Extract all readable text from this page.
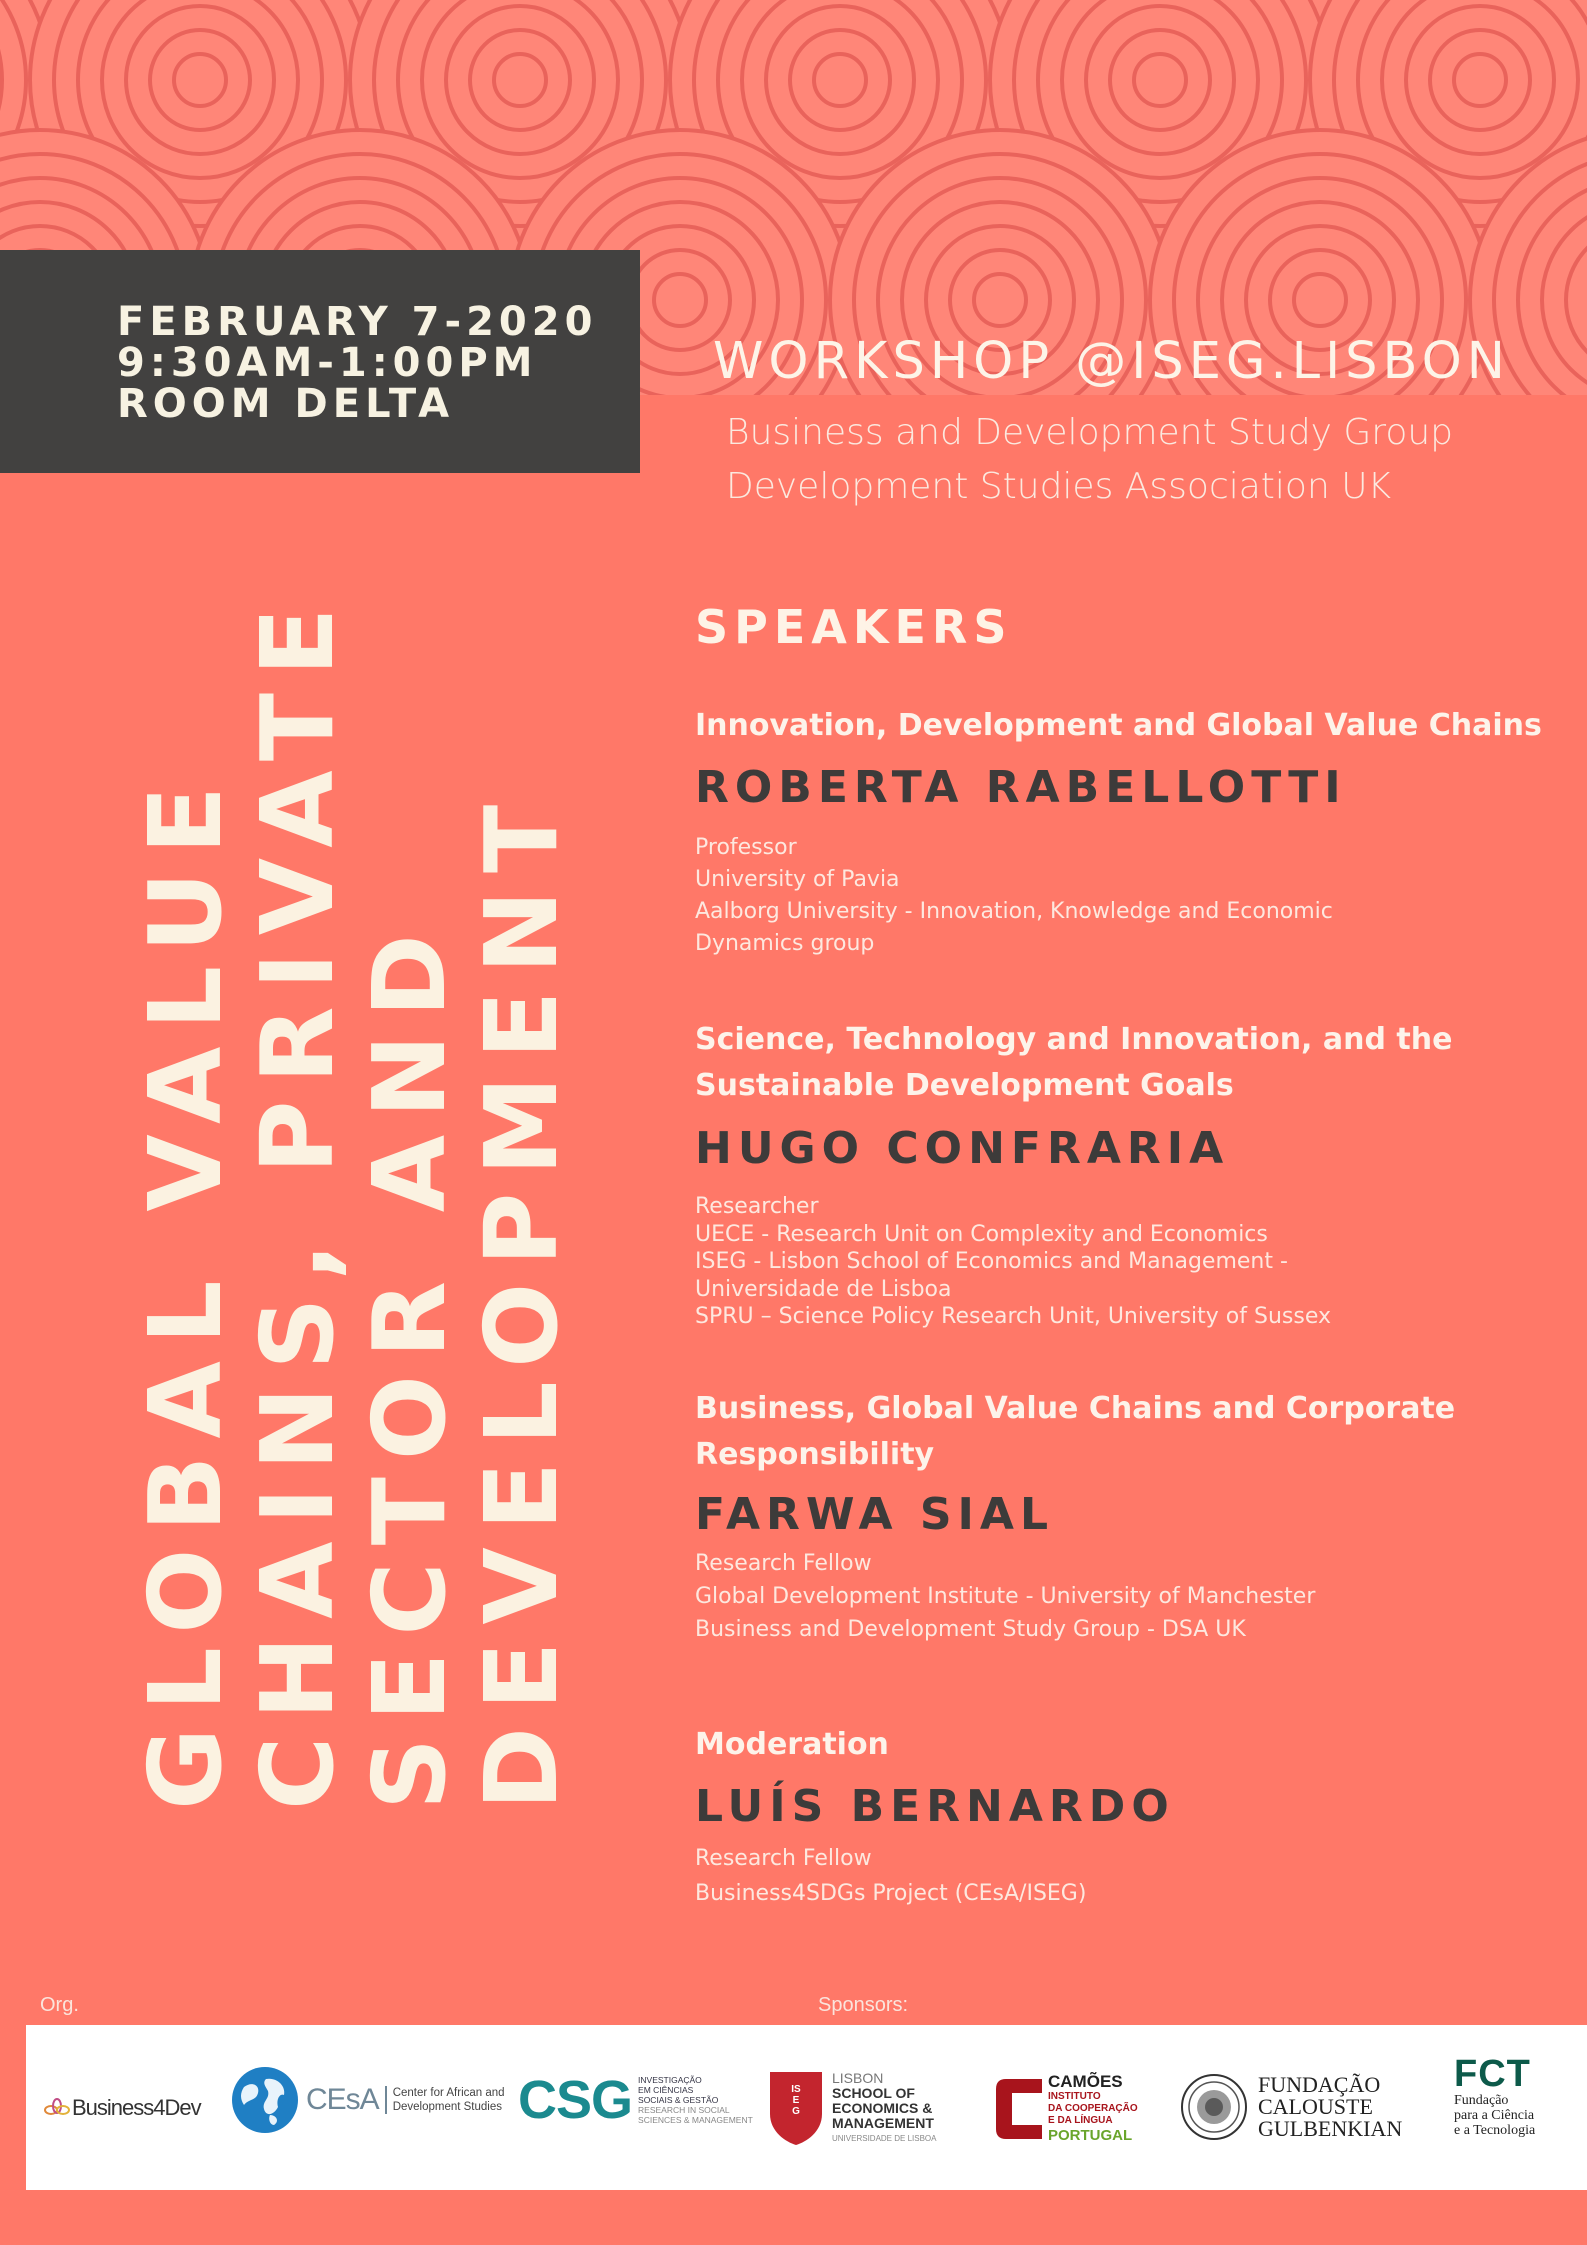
FEBRUARY 7-2020
9:30AM-1:00PM
ROOM DELTA
WORKSHOP @ISEG.LISBON
Business and Development Study Group
Development Studies Association UK
GLOBAL VALUE
CHAINS, PRIVATE
SECTOR AND
DEVELOPMENT
SPEAKERS
Innovation, Development and Global Value Chains
ROBERTA RABELLOTTI
Professor
University of Pavia
Aalborg University - Innovation, Knowledge and Economic
Dynamics group
Science, Technology and Innovation, and the
Sustainable Development Goals
HUGO CONFRARIA
Researcher
UECE - Research Unit on Complexity and Economics
ISEG - Lisbon School of Economics and Management -
Universidade de Lisboa
SPRU – Science Policy Research Unit, University of Sussex
Business, Global Value Chains and Corporate
Responsibility
FARWA SIAL
Research Fellow
Global Development Institute - University of Manchester
Business and Development Study Group - DSA UK
Moderation
LUÍS BERNARDO
Research Fellow
Business4SDGs Project (CEsA/ISEG)
Org.	Sponsors:
Business4Dev	CEsA Center for African and
Development Studies CSG INVESTIGAÇÃO
EM CIÊNCIAS
SOCIAIS & GESTÃO
RESEARCH IN SOCIAL
SCIENCES & MANAGEMENT
ISEG
LISBON
SCHOOL OF
ECONOMICS &
MANAGEMENT
UNIVERSIDADE DE LISBOA
CAMÕES
INSTITUTO
DA COOPERAÇÃO
E DA LÍNGUA
PORTUGAL
FUNDAÇÃO
CALOUSTE
GULBENKIAN
FCT
Fundação
para a Ciência
e a Tecnologia
